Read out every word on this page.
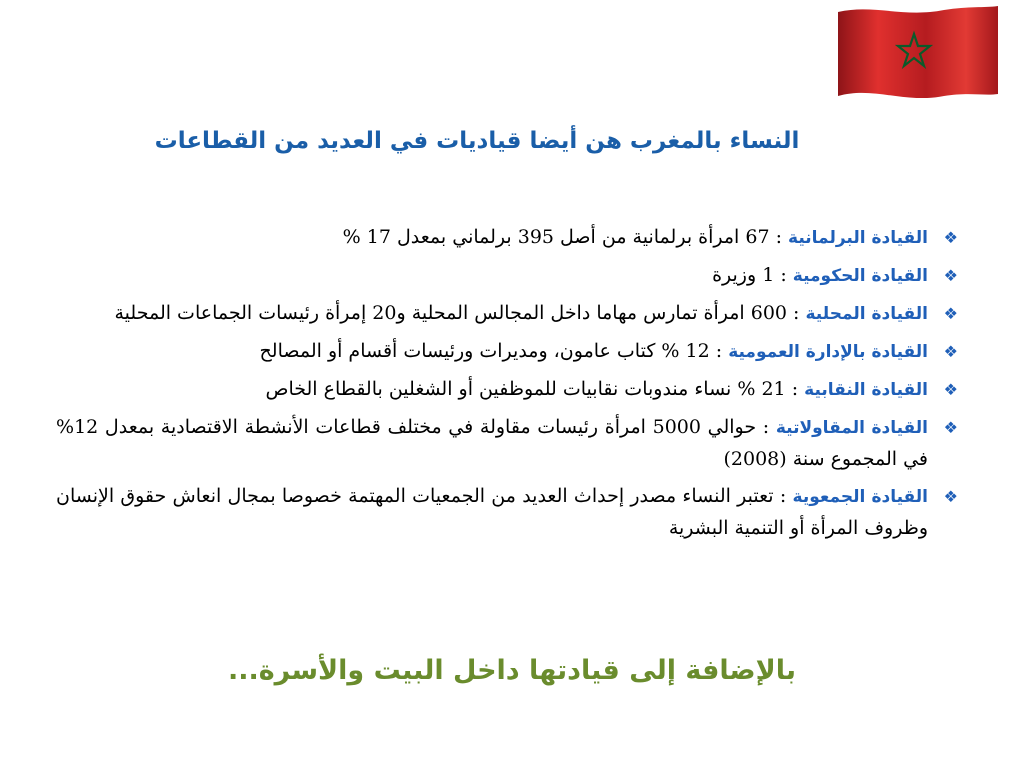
النساء بالمغرب هن أيضا قياديات في العديد من القطاعات
❖
القيادة البرلمانية : 67 امرأة برلمانية من أصل 395 برلماني بمعدل 17 %
❖
القيادة الحكومية : 1 وزيرة
❖
القيادة المحلية : 600 امرأة تمارس مهاما داخل المجالس المحلية و20 إمرأة رئيسات الجماعات المحلية
❖
القيادة بالإدارة العمومية : 12 % كتاب عامون، ومديرات ورئيسات أقسام أو المصالح
❖
القيادة النقابية : 21 % نساء مندوبات نقابيات للموظفين أو الشغلين بالقطاع الخاص
❖
القيادة المقاولاتية : حوالي 5000 امرأة رئيسات مقاولة في مختلف قطاعات الأنشطة الاقتصادية بمعدل 12% في المجموع سنة (2008)
❖
القيادة الجمعوية : تعتبر النساء مصدر إحداث العديد من الجمعيات المهتمة خصوصا بمجال انعاش حقوق الإنسان وظروف المرأة أو التنمية البشرية
بالإضافة إلى قيادتها داخل البيت والأسرة...
